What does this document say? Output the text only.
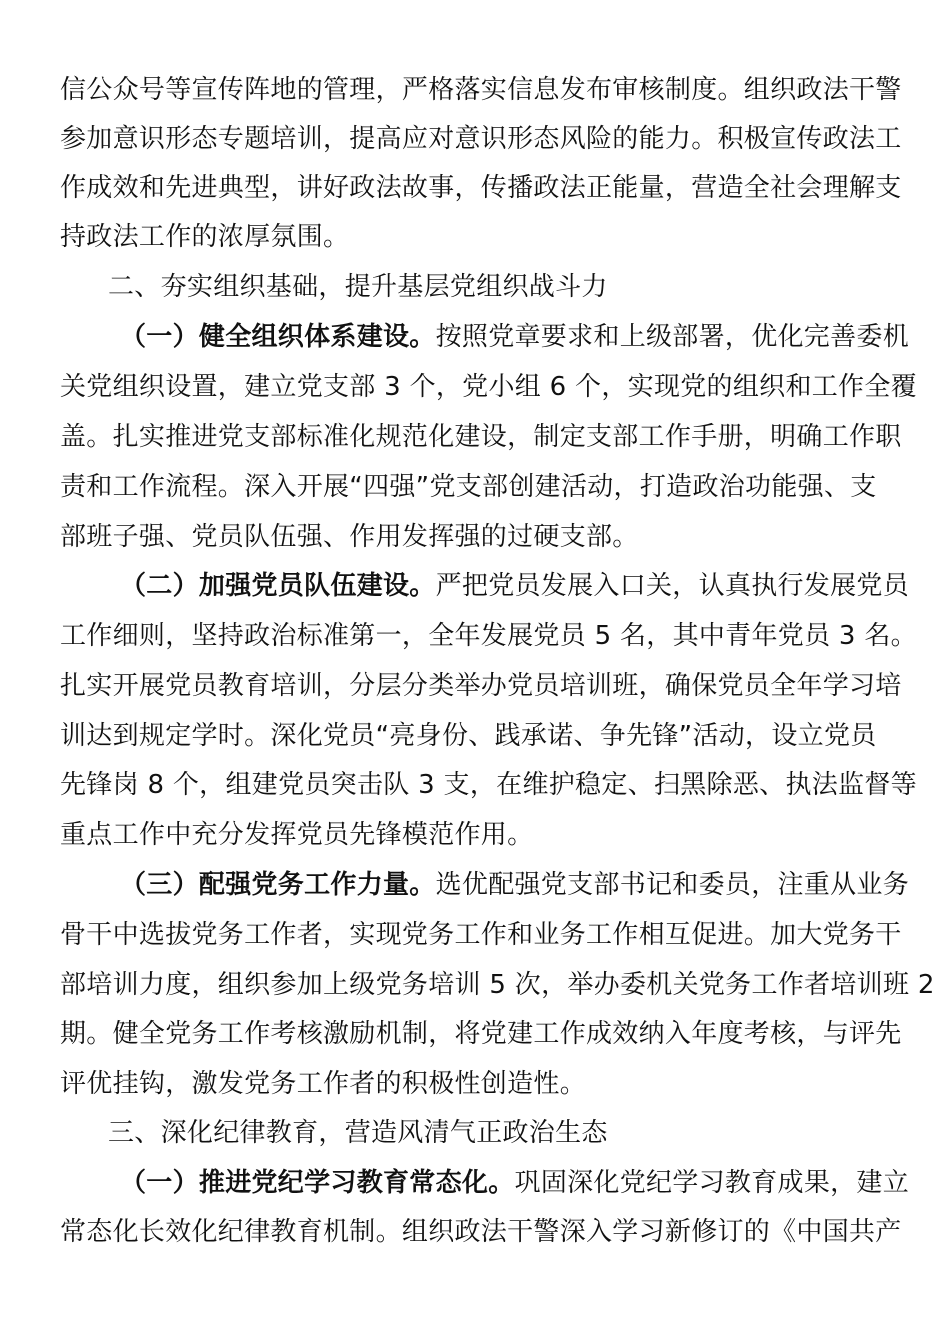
信公众号等宣传阵地的管理，严格落实信息发布审核制度。组织政法干警
参加意识形态专题培训，提高应对意识形态风险的能力。积极宣传政法工
作成效和先进典型，讲好政法故事，传播政法正能量，营造全社会理解支
持政法工作的浓厚氛围。
二、夯实组织基础，提升基层党组织战斗力
（一）健全组织体系建设。按照党章要求和上级部署，优化完善委机
关党组织设置，建立党支部 3 个，党小组 6 个，实现党的组织和工作全覆
盖。扎实推进党支部标准化规范化建设，制定支部工作手册，明确工作职
责和工作流程。深入开展“四强”党支部创建活动，打造政治功能强、支
部班子强、党员队伍强、作用发挥强的过硬支部。
（二）加强党员队伍建设。严把党员发展入口关，认真执行发展党员
工作细则，坚持政治标准第一，全年发展党员 5 名，其中青年党员 3 名。
扎实开展党员教育培训，分层分类举办党员培训班，确保党员全年学习培
训达到规定学时。深化党员“亮身份、践承诺、争先锋”活动，设立党员
先锋岗 8 个，组建党员突击队 3 支，在维护稳定、扫黑除恶、执法监督等
重点工作中充分发挥党员先锋模范作用。
（三）配强党务工作力量。选优配强党支部书记和委员，注重从业务
骨干中选拔党务工作者，实现党务工作和业务工作相互促进。加大党务干
部培训力度，组织参加上级党务培训 5 次，举办委机关党务工作者培训班 2
期。健全党务工作考核激励机制，将党建工作成效纳入年度考核，与评先
评优挂钩，激发党务工作者的积极性创造性。
三、深化纪律教育，营造风清气正政治生态
（一）推进党纪学习教育常态化。巩固深化党纪学习教育成果，建立
常态化长效化纪律教育机制。组织政法干警深入学习新修订的《中国共产
